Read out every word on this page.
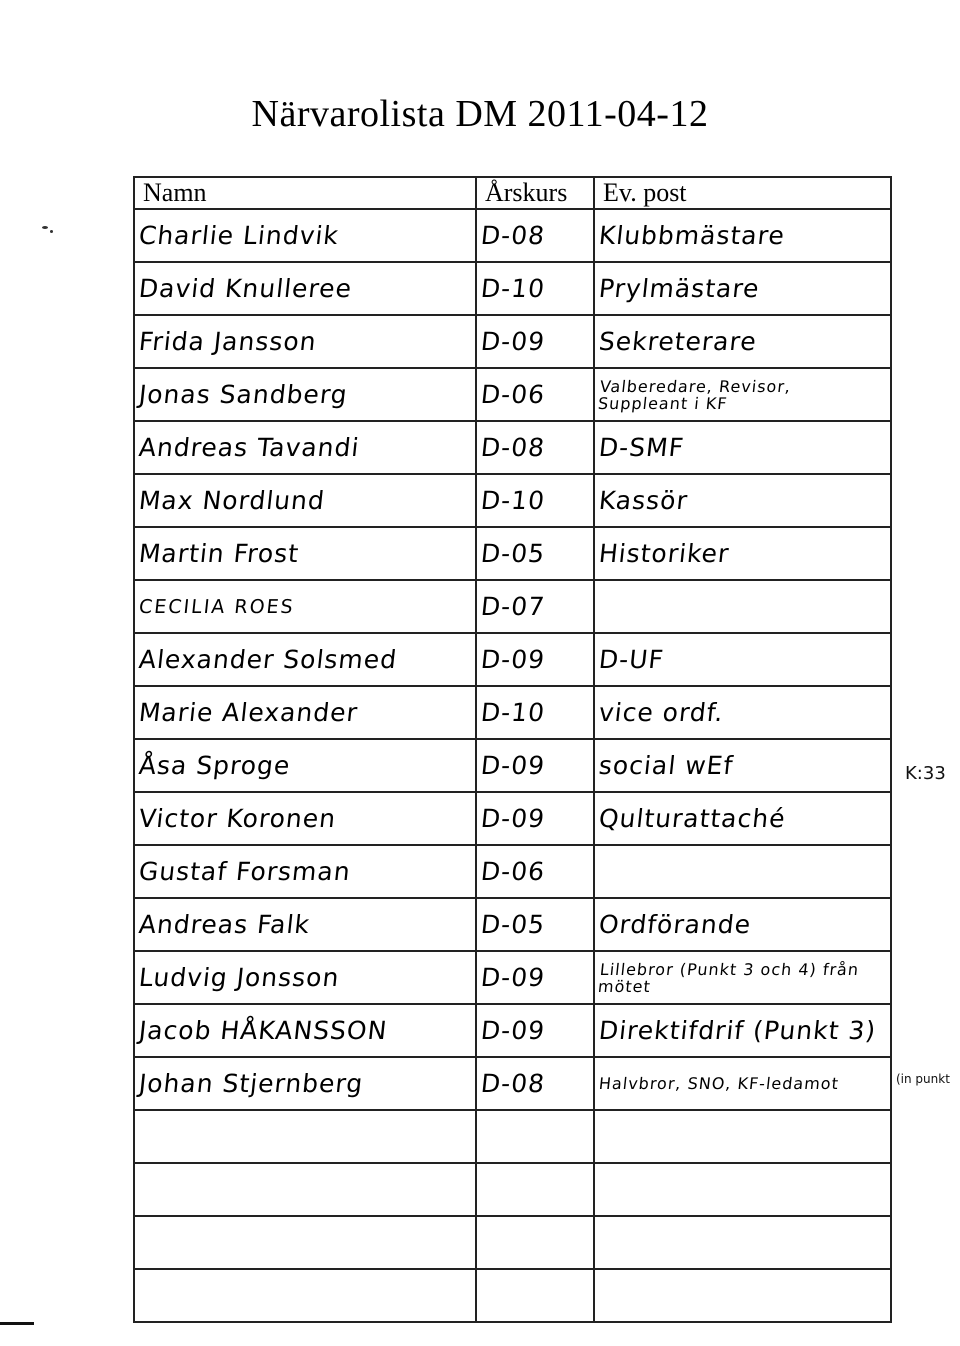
Närvarolista DM 2011-04-12
Namn	Årskurs	Ev. post
Charlie Lindvik	D-08	Klubbmästare
David Knulleree	D-10	Prylmästare
Frida Jansson	D-09	Sekreterare
Jonas Sandberg	D-06	Valberedare, Revisor, Suppleant i KF

Andreas Tavandi	D-08	D-SMF
Max Nordlund	D-10	Kassör
Martin Frost	D-05	Historiker
CECILIA ROES	D-07	
Alexander Solsmed	D-09	D-UF
Marie Alexander	D-10	vice ordf.
Åsa Sproge	D-09	social wEf
Victor Koronen	D-09	Qulturattaché
Gustaf Forsman	D-06	
Andreas Falk	D-05	Ordförande
Ludvig Jonsson	D-09	Lillebror (Punkt 3 och 4) från mötet

Jacob HÅKANSSON	D-09	Direktifdrif (Punkt 3)
Johan Stjernberg	D-08	Halvbror, SNO, KF-ledamot

K:33
(in punkt
